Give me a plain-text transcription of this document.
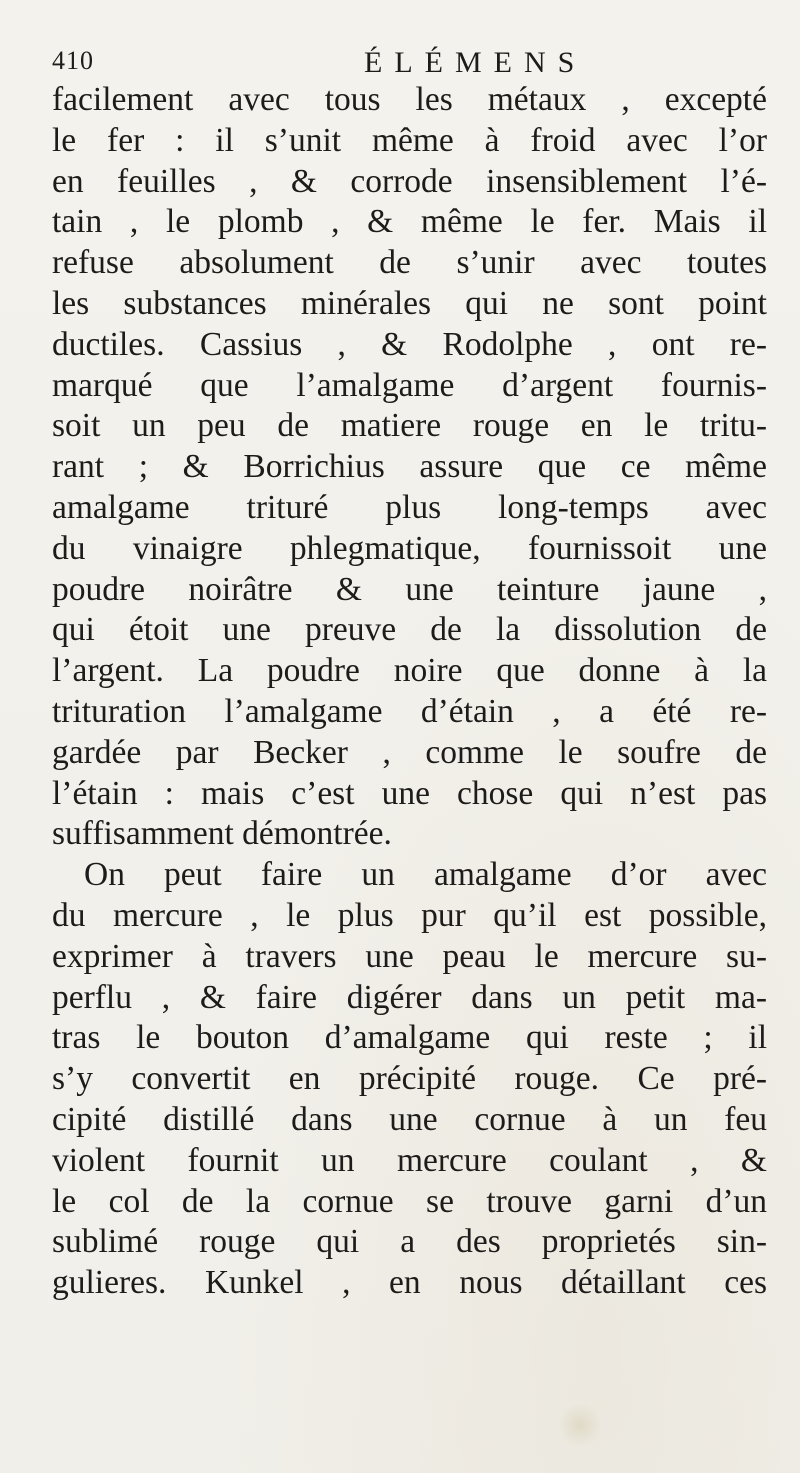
410	ÉLÉMENS
facilement avec tous les métaux , excepté
le fer : il s’unit même à froid avec l’or
en feuilles , & corrode insensiblement l’é-
tain , le plomb , & même le fer. Mais il
refuse absolument de s’unir avec toutes
les substances minérales qui ne sont point
ductiles. Cassius , & Rodolphe , ont re-
marqué que l’amalgame d’argent fournis-
soit un peu de matiere rouge en le tritu-
rant ; & Borrichius assure que ce même
amalgame trituré plus long-temps avec
du vinaigre phlegmatique, fournissoit une
poudre noirâtre & une teinture jaune ,
qui étoit une preuve de la dissolution de
l’argent. La poudre noire que donne à la
trituration l’amalgame d’étain , a été re-
gardée par Becker , comme le soufre de
l’étain : mais c’est une chose qui n’est pas
suffisamment démontrée.
On peut faire un amalgame d’or avec
du mercure , le plus pur qu’il est possible,
exprimer à travers une peau le mercure su-
perflu , & faire digérer dans un petit ma-
tras le bouton d’amalgame qui reste ; il
s’y convertit en précipité rouge. Ce pré-
cipité distillé dans une cornue à un feu
violent fournit un mercure coulant , &
le col de la cornue se trouve garni d’un
sublimé rouge qui a des proprietés sin-
gulieres. Kunkel , en nous détaillant ces
